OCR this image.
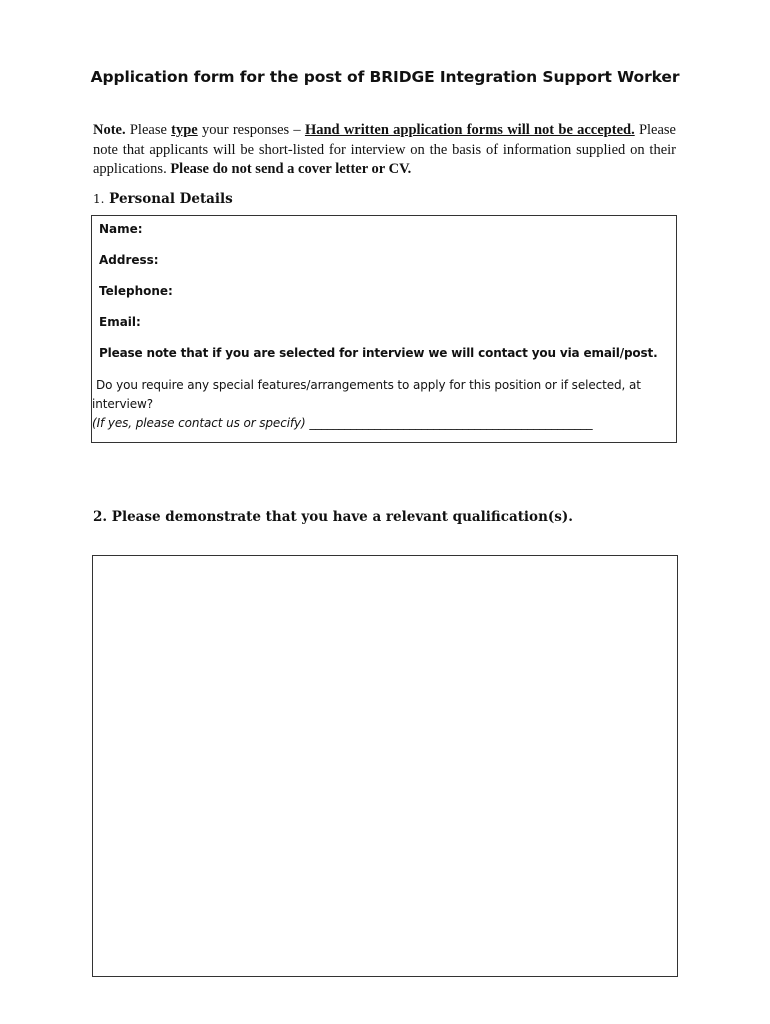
Application form for the post of BRIDGE Integration Support Worker
Note. Please type your responses – Hand written application forms will not be accepted. Please note that applicants will be short-listed for interview on the basis of information supplied on their applications. Please do not send a cover letter or CV.
1. Personal Details
Name:
Address:
Telephone:
Email:
Please note that if you are selected for interview we will contact you via email/post.
Do you require any special features/arrangements to apply for this position or if selected, at
interview?
(If yes, please contact us or specify) ________________________________________________
2. Please demonstrate that you have a relevant qualification(s).
